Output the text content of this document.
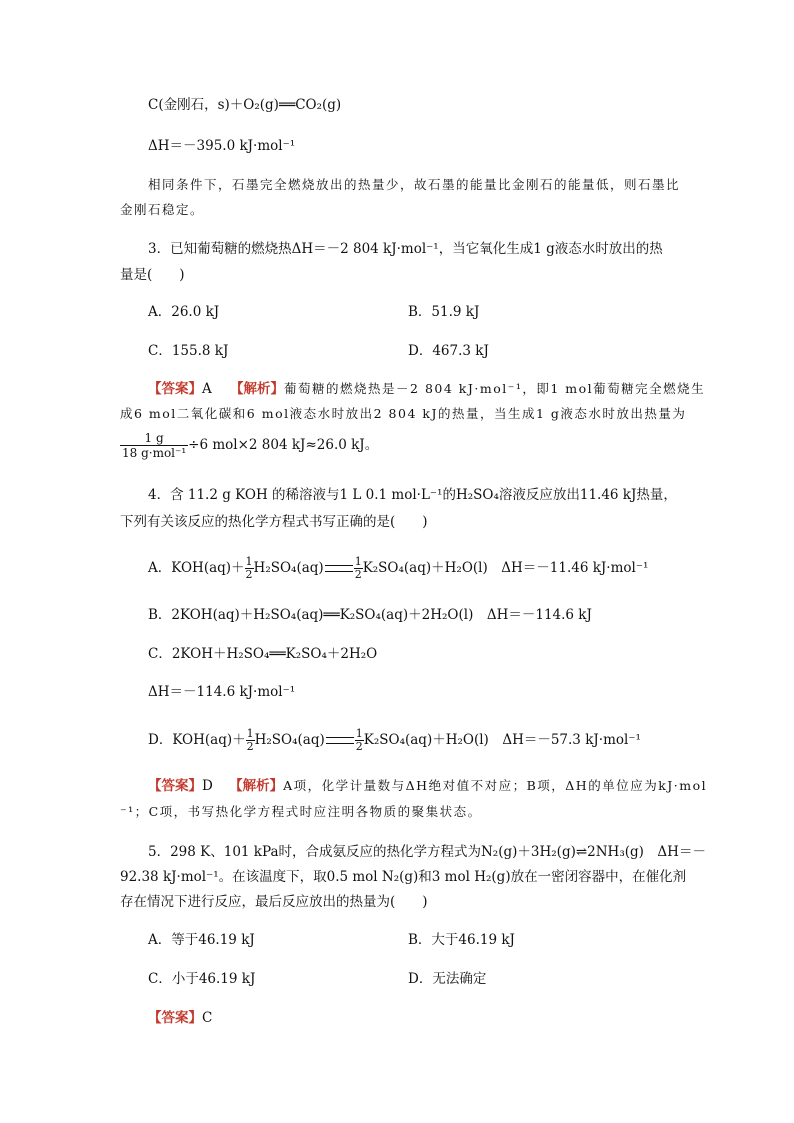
C(金刚石，s)＋O₂(g)══CO₂(g)
ΔH＝－395.0 kJ·mol⁻¹
相同条件下，石墨完全燃烧放出的热量少，故石墨的能量比金刚石的能量低，则石墨比
金刚石稳定。
3．已知葡萄糖的燃烧热ΔH＝－2 804 kJ·mol⁻¹，当它氧化生成1 g液态水时放出的热
量是(　　)
A．26.0 kJ	B．51.9 kJ
C．155.8 kJ	D．467.3 kJ
【答案】A 【解析】葡萄糖的燃烧热是－2 804 kJ·mol⁻¹，即1 mol葡萄糖完全燃烧生
成6 mol二氧化碳和6 mol液态水时放出2 804 kJ的热量，当生成1 g液态水时放出热量为
$\frac{1 g}{\text{18 g·mol⁻¹}} \div 6$ mol×2 804 kJ≈26.0 kJ。
4．含 11.2 g KOH 的稀溶液与1 L 0.1 mol·L⁻¹的H₂SO₄溶液反应放出11.46 kJ热量，
下列有关该反应的热化学方程式书写正确的是(　　)
A．$KOH(aq)+ \frac{1}{2}H_2SO_4(aq)$	$\frac{1}{2}K_2SO_4(aq)+H_2O(l)$　ΔH＝－11.46 kJ·mol⁻¹
B．2KOH(aq)＋H₂SO₄(aq)══K₂SO₄(aq)＋2H₂O(l)　ΔH＝－114.6 kJ
C．2KOH＋H₂SO₄══K₂SO₄＋2H₂O
ΔH＝－114.6 kJ·mol⁻¹
D．$KOH(aq)+ \frac{1}{2}H_2SO_4(aq)$	$\frac{1}{2}K_2SO_4(aq)+H_2O(l)$　ΔH＝－57.3 kJ·mol⁻¹
【答案】D 【解析】A项，化学计量数与ΔH绝对值不对应；B项，ΔH的单位应为kJ·mol
⁻¹；C项，书写热化学方程式时应注明各物质的聚集状态。
5．298 K、101 kPa时，合成氨反应的热化学方程式为N₂(g)＋3H₂(g)⇌2NH₃(g)　ΔH＝－
92.38 kJ·mol⁻¹。在该温度下，取0.5 mol N₂(g)和3 mol H₂(g)放在一密闭容器中，在催化剂
存在情况下进行反应，最后反应放出的热量为(　　)
A．等于46.19 kJ	B．大于46.19 kJ
C．小于46.19 kJ	D．无法确定
【答案】C
